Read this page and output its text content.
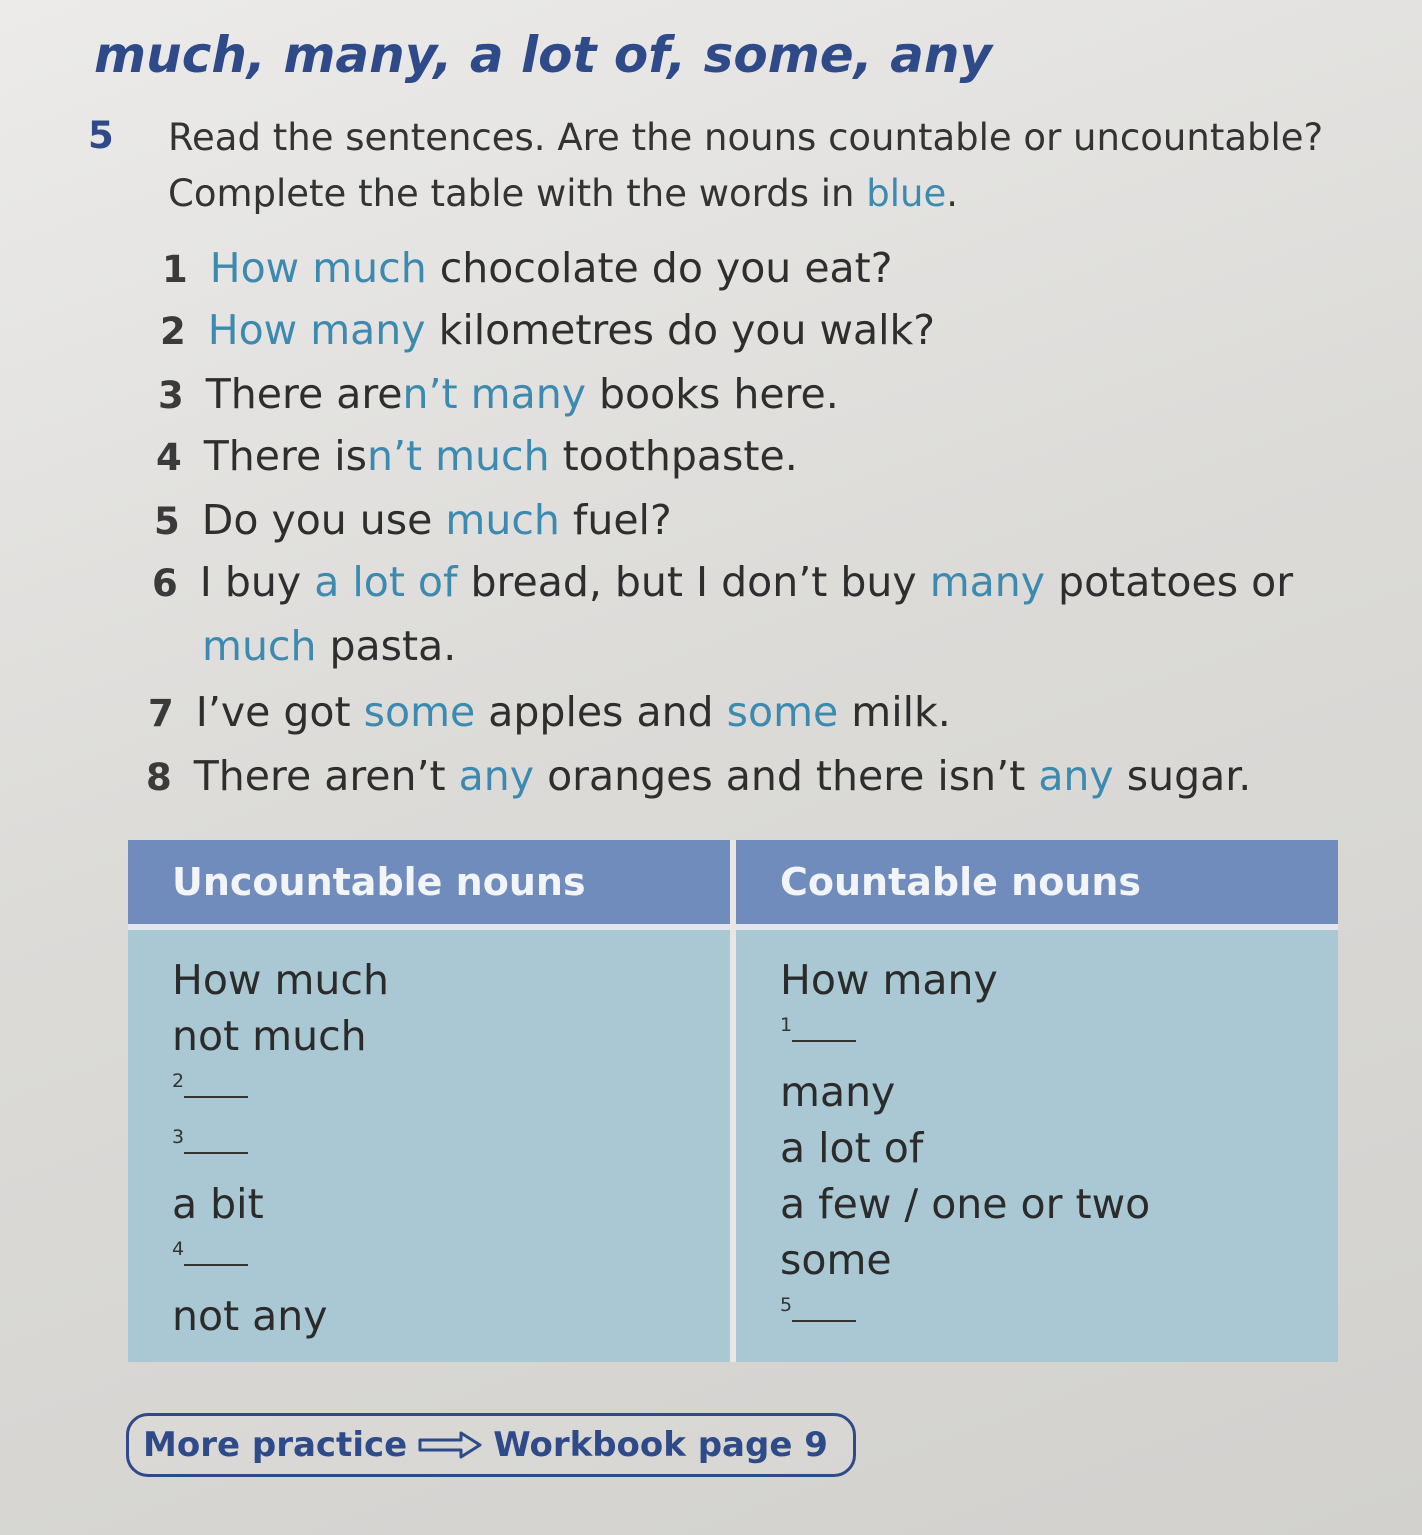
much, many, a lot of, some, any
5 Read the sentences. Are the nouns countable or uncountable? Complete the table with the words in blue.
1 How much chocolate do you eat?
2 How many kilometres do you walk?
3 There aren’t many books here.
4 There isn’t much toothpaste.
5 Do you use much fuel?
6 I buy a lot of bread, but I don’t buy many potatoes or
much pasta.
7 I’ve got some apples and some milk.
8 There aren’t any oranges and there isn’t any sugar.
Uncountable nouns
How much
not much
2
3
a bit
4
not any
Countable nouns
How many
1
many
a lot of
a few / one or two
some
5
More practice	Workbook page 9
